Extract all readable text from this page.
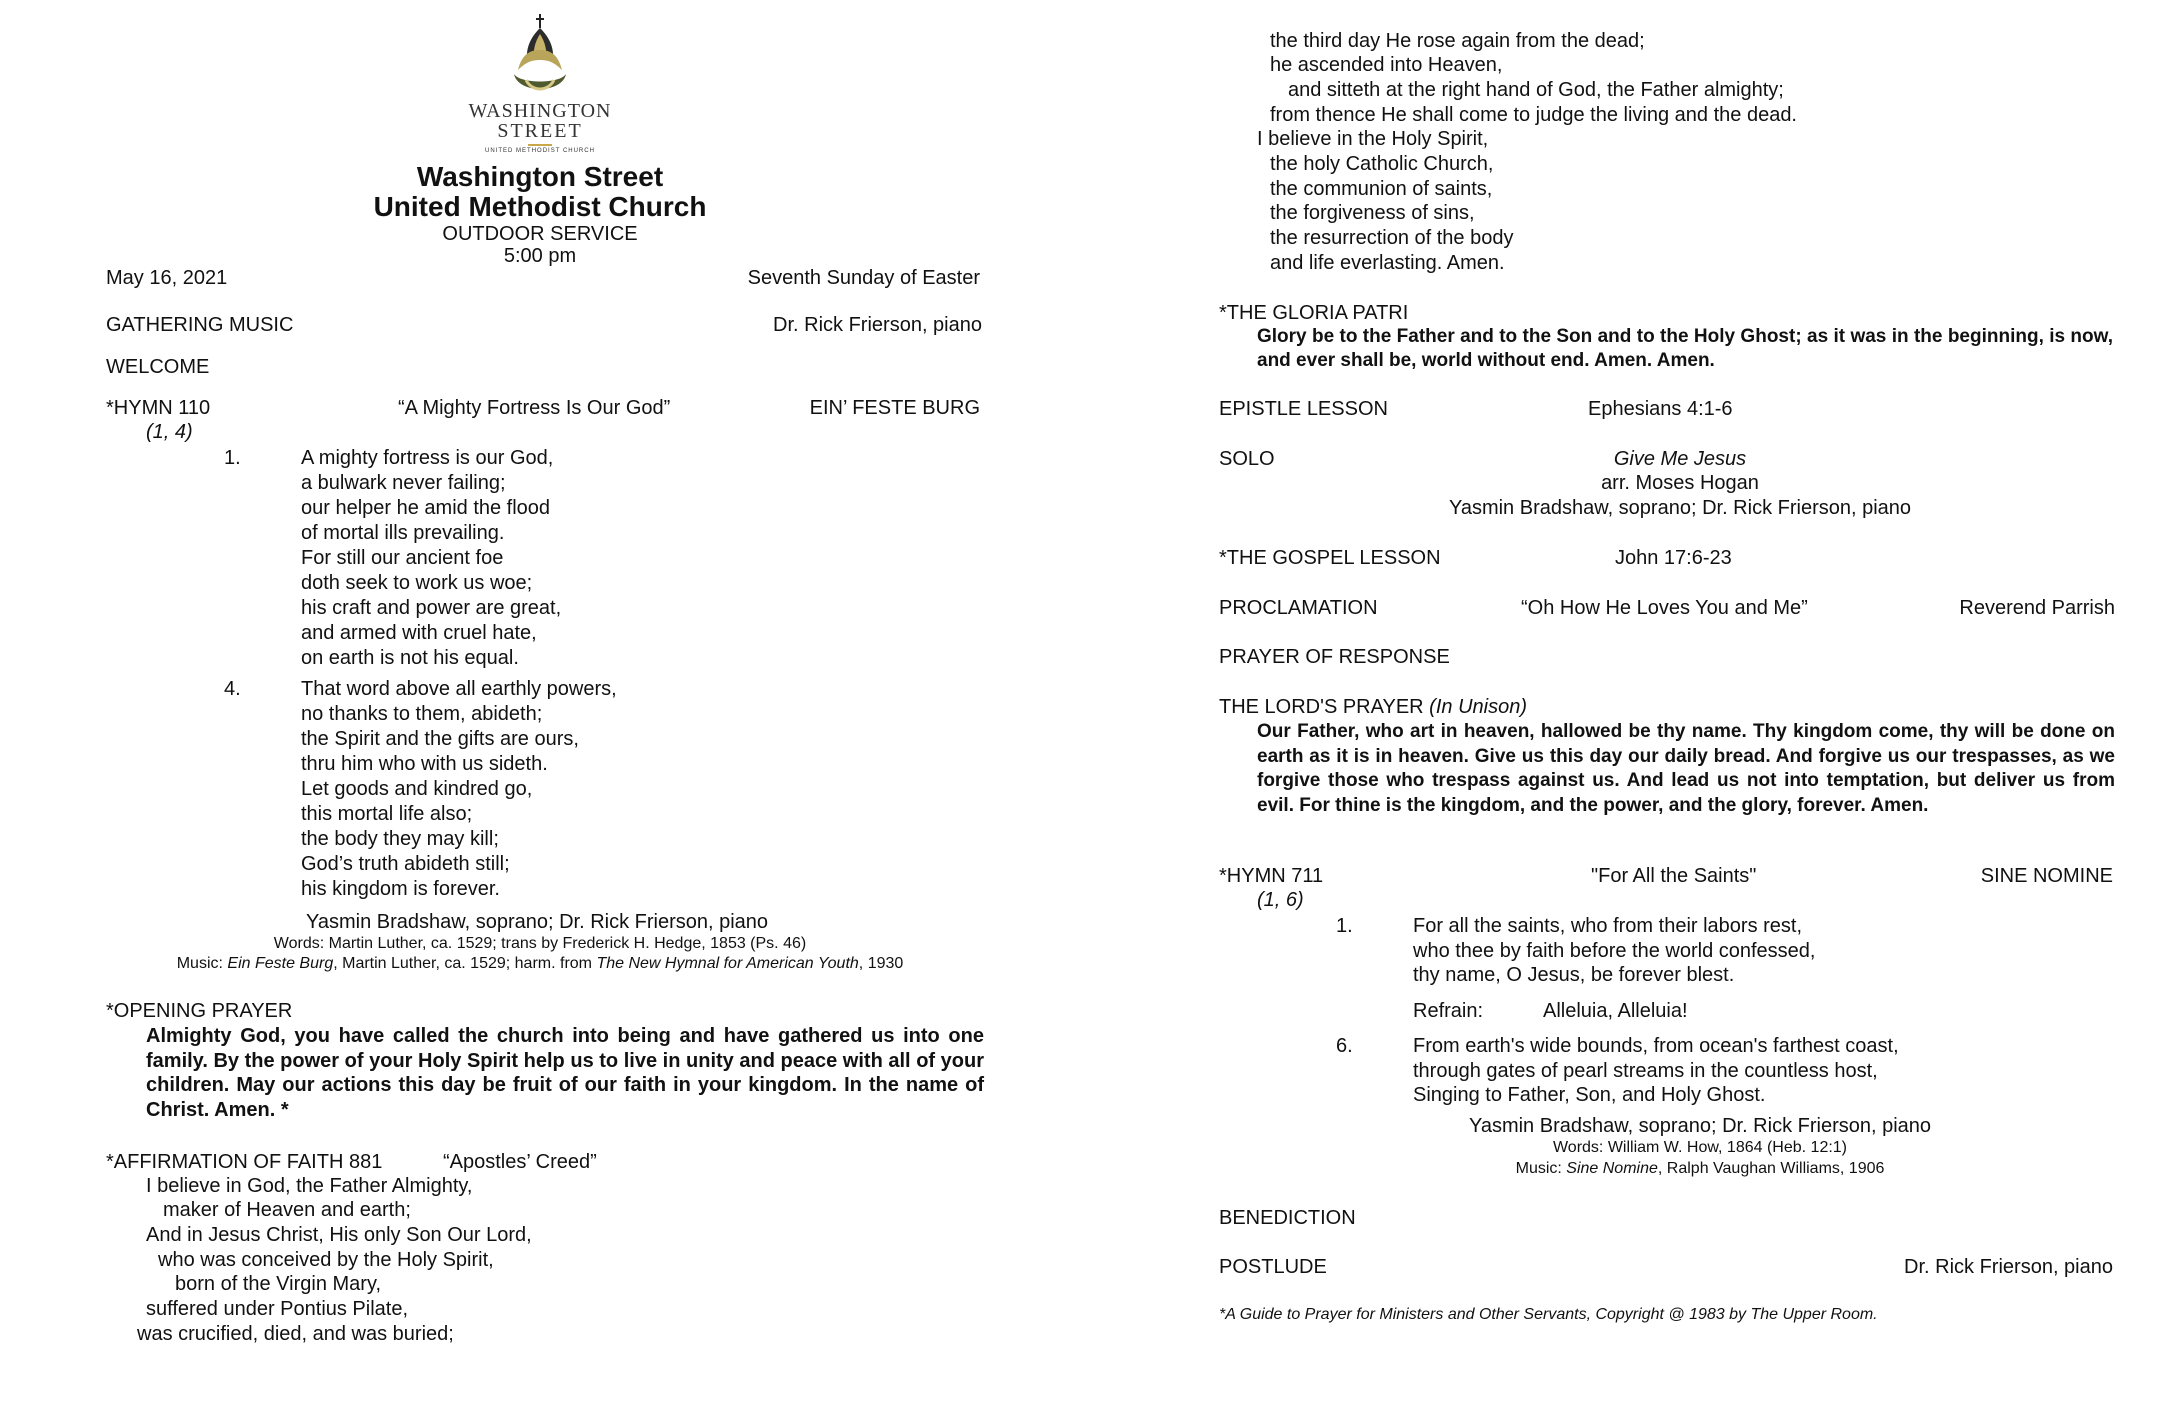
WASHINGTON
STREET
UNITED METHODIST CHURCH
Washington Street
United Methodist Church
OUTDOOR SERVICE
5:00 pm
May 16, 2021	Seventh Sunday of Easter
GATHERING MUSIC	Dr. Rick Frierson, piano
WELCOME
*HYMN 110	“A Mighty Fortress Is Our God”	EIN’ FESTE BURG
(1, 4)
1.	A mighty fortress is our God,
a bulwark never failing;
our helper he amid the flood
of mortal ills prevailing.
For still our ancient foe
doth seek to work us woe;
his craft and power are great,
and armed with cruel hate,
on earth is not his equal.
4.	That word above all earthly powers,
no thanks to them, abideth;
the Spirit and the gifts are ours,
thru him who with us sideth.
Let goods and kindred go,
this mortal life also;
the body they may kill;
God’s truth abideth still;
his kingdom is forever.
Yasmin Bradshaw, soprano; Dr. Rick Frierson, piano
Words: Martin Luther, ca. 1529; trans by Frederick H. Hedge, 1853 (Ps. 46)
Music: Ein Feste Burg, Martin Luther, ca. 1529; harm. from The New Hymnal for American Youth, 1930
*OPENING PRAYER
Almighty God, you have called the church into being and have gathered us into one family. By the power of your Holy Spirit help us to live in unity and peace with all of your children. May our actions this day be fruit of our faith in your kingdom. In the name of Christ. Amen. *
*AFFIRMATION OF FAITH 881	“Apostles’ Creed”
I believe in God, the Father Almighty,
maker of Heaven and earth;
And in Jesus Christ, His only Son Our Lord,
who was conceived by the Holy Spirit,
born of the Virgin Mary,
suffered under Pontius Pilate,
was crucified, died, and was buried;
the third day He rose again from the dead;
he ascended into Heaven,
and sitteth at the right hand of God, the Father almighty;
from thence He shall come to judge the living and the dead.
I believe in the Holy Spirit,
the holy Catholic Church,
the communion of saints,
the forgiveness of sins,
the resurrection of the body
and life everlasting. Amen.
*THE GLORIA PATRI
Glory be to the Father and to the Son and to the Holy Ghost; as it was in the beginning, is now, and ever shall be, world without end. Amen. Amen.
EPISTLE LESSON	Ephesians 4:1-6
SOLO	Give Me Jesus
arr. Moses Hogan
Yasmin Bradshaw, soprano; Dr. Rick Frierson, piano
*THE GOSPEL LESSON	John 17:6-23
PROCLAMATION	“Oh How He Loves You and Me”	Reverend Parrish
PRAYER OF RESPONSE
THE LORD'S PRAYER (In Unison)
Our Father, who art in heaven, hallowed be thy name. Thy kingdom come, thy will be done on earth as it is in heaven. Give us this day our daily bread. And forgive us our trespasses, as we forgive those who trespass against us. And lead us not into temptation, but deliver us from evil. For thine is the kingdom, and the power, and the glory, forever. Amen.
*HYMN 711	"For All the Saints"	SINE NOMINE
(1, 6)
1.	For all the saints, who from their labors rest,
who thee by faith before the world confessed,
thy name, O Jesus, be forever blest.
Refrain:	Alleluia, Alleluia!
6.	From earth's wide bounds, from ocean's farthest coast,
through gates of pearl streams in the countless host,
Singing to Father, Son, and Holy Ghost.
Yasmin Bradshaw, soprano; Dr. Rick Frierson, piano
Words: William W. How, 1864 (Heb. 12:1)
Music: Sine Nomine, Ralph Vaughan Williams, 1906
BENEDICTION
POSTLUDE	Dr. Rick Frierson, piano
*A Guide to Prayer for Ministers and Other Servants, Copyright @ 1983 by The Upper Room.
